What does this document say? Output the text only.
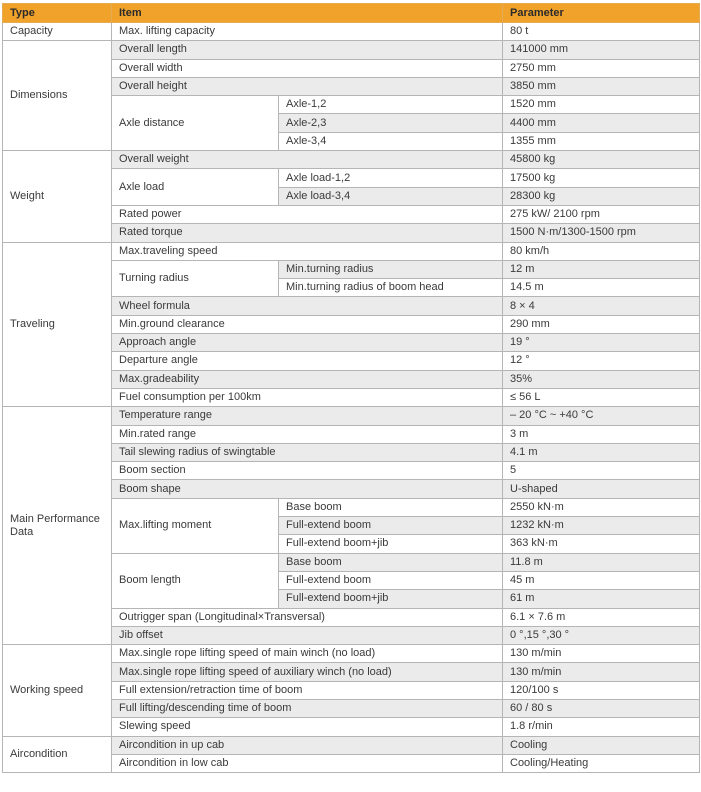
Type	Item		Parameter
Capacity	Max. lifting capacity		80 t
Dimensions	Overall length		141000 mm
	Overall width		2750 mm
	Overall height		3850 mm
	Axle distance	Axle-1,2	1520 mm
		Axle-2,3	4400 mm
		Axle-3,4	1355 mm
Weight	Overall weight		45800 kg
	Axle load	Axle load-1,2	17500 kg
		Axle load-3,4	28300 kg
	Rated power		275 kW/ 2100 rpm
	Rated torque		1500 N·m/1300-1500 rpm
Traveling	Max.traveling speed		80 km/h
	Turning radius	Min.turning radius	12 m
		Min.turning radius of boom head	14.5 m
	Wheel formula		8 × 4
	Min.ground clearance		290 mm
	Approach angle		19 °
	Departure angle		12 °
	Max.gradeability		35%
	Fuel consumption per 100km		≤ 56 L
Main Performance Data	Temperature range		– 20 °C ~ +40 °C
	Min.rated range		3 m
	Tail slewing radius of swingtable		4.1 m
	Boom section		5
	Boom shape		U-shaped
	Max.lifting moment	Base boom	2550 kN·m
		Full-extend boom	1232 kN·m
		Full-extend boom+jib	363 kN·m
	Boom length	Base boom	11.8 m
		Full-extend boom	45 m
		Full-extend boom+jib	61 m
	Outrigger span (Longitudinal×Transversal)		6.1 × 7.6 m
	Jib offset		0 °,15 °,30 °
Working speed	Max.single rope lifting speed of main winch (no load)		130 m/min
	Max.single rope lifting speed of auxiliary winch (no load)		130 m/min
	Full extension/retraction time of boom		120/100 s
	Full lifting/descending time of boom		60 / 80 s
	Slewing speed		1.8 r/min
Aircondition	Aircondition in up cab		Cooling
	Aircondition in low cab		Cooling/Heating
